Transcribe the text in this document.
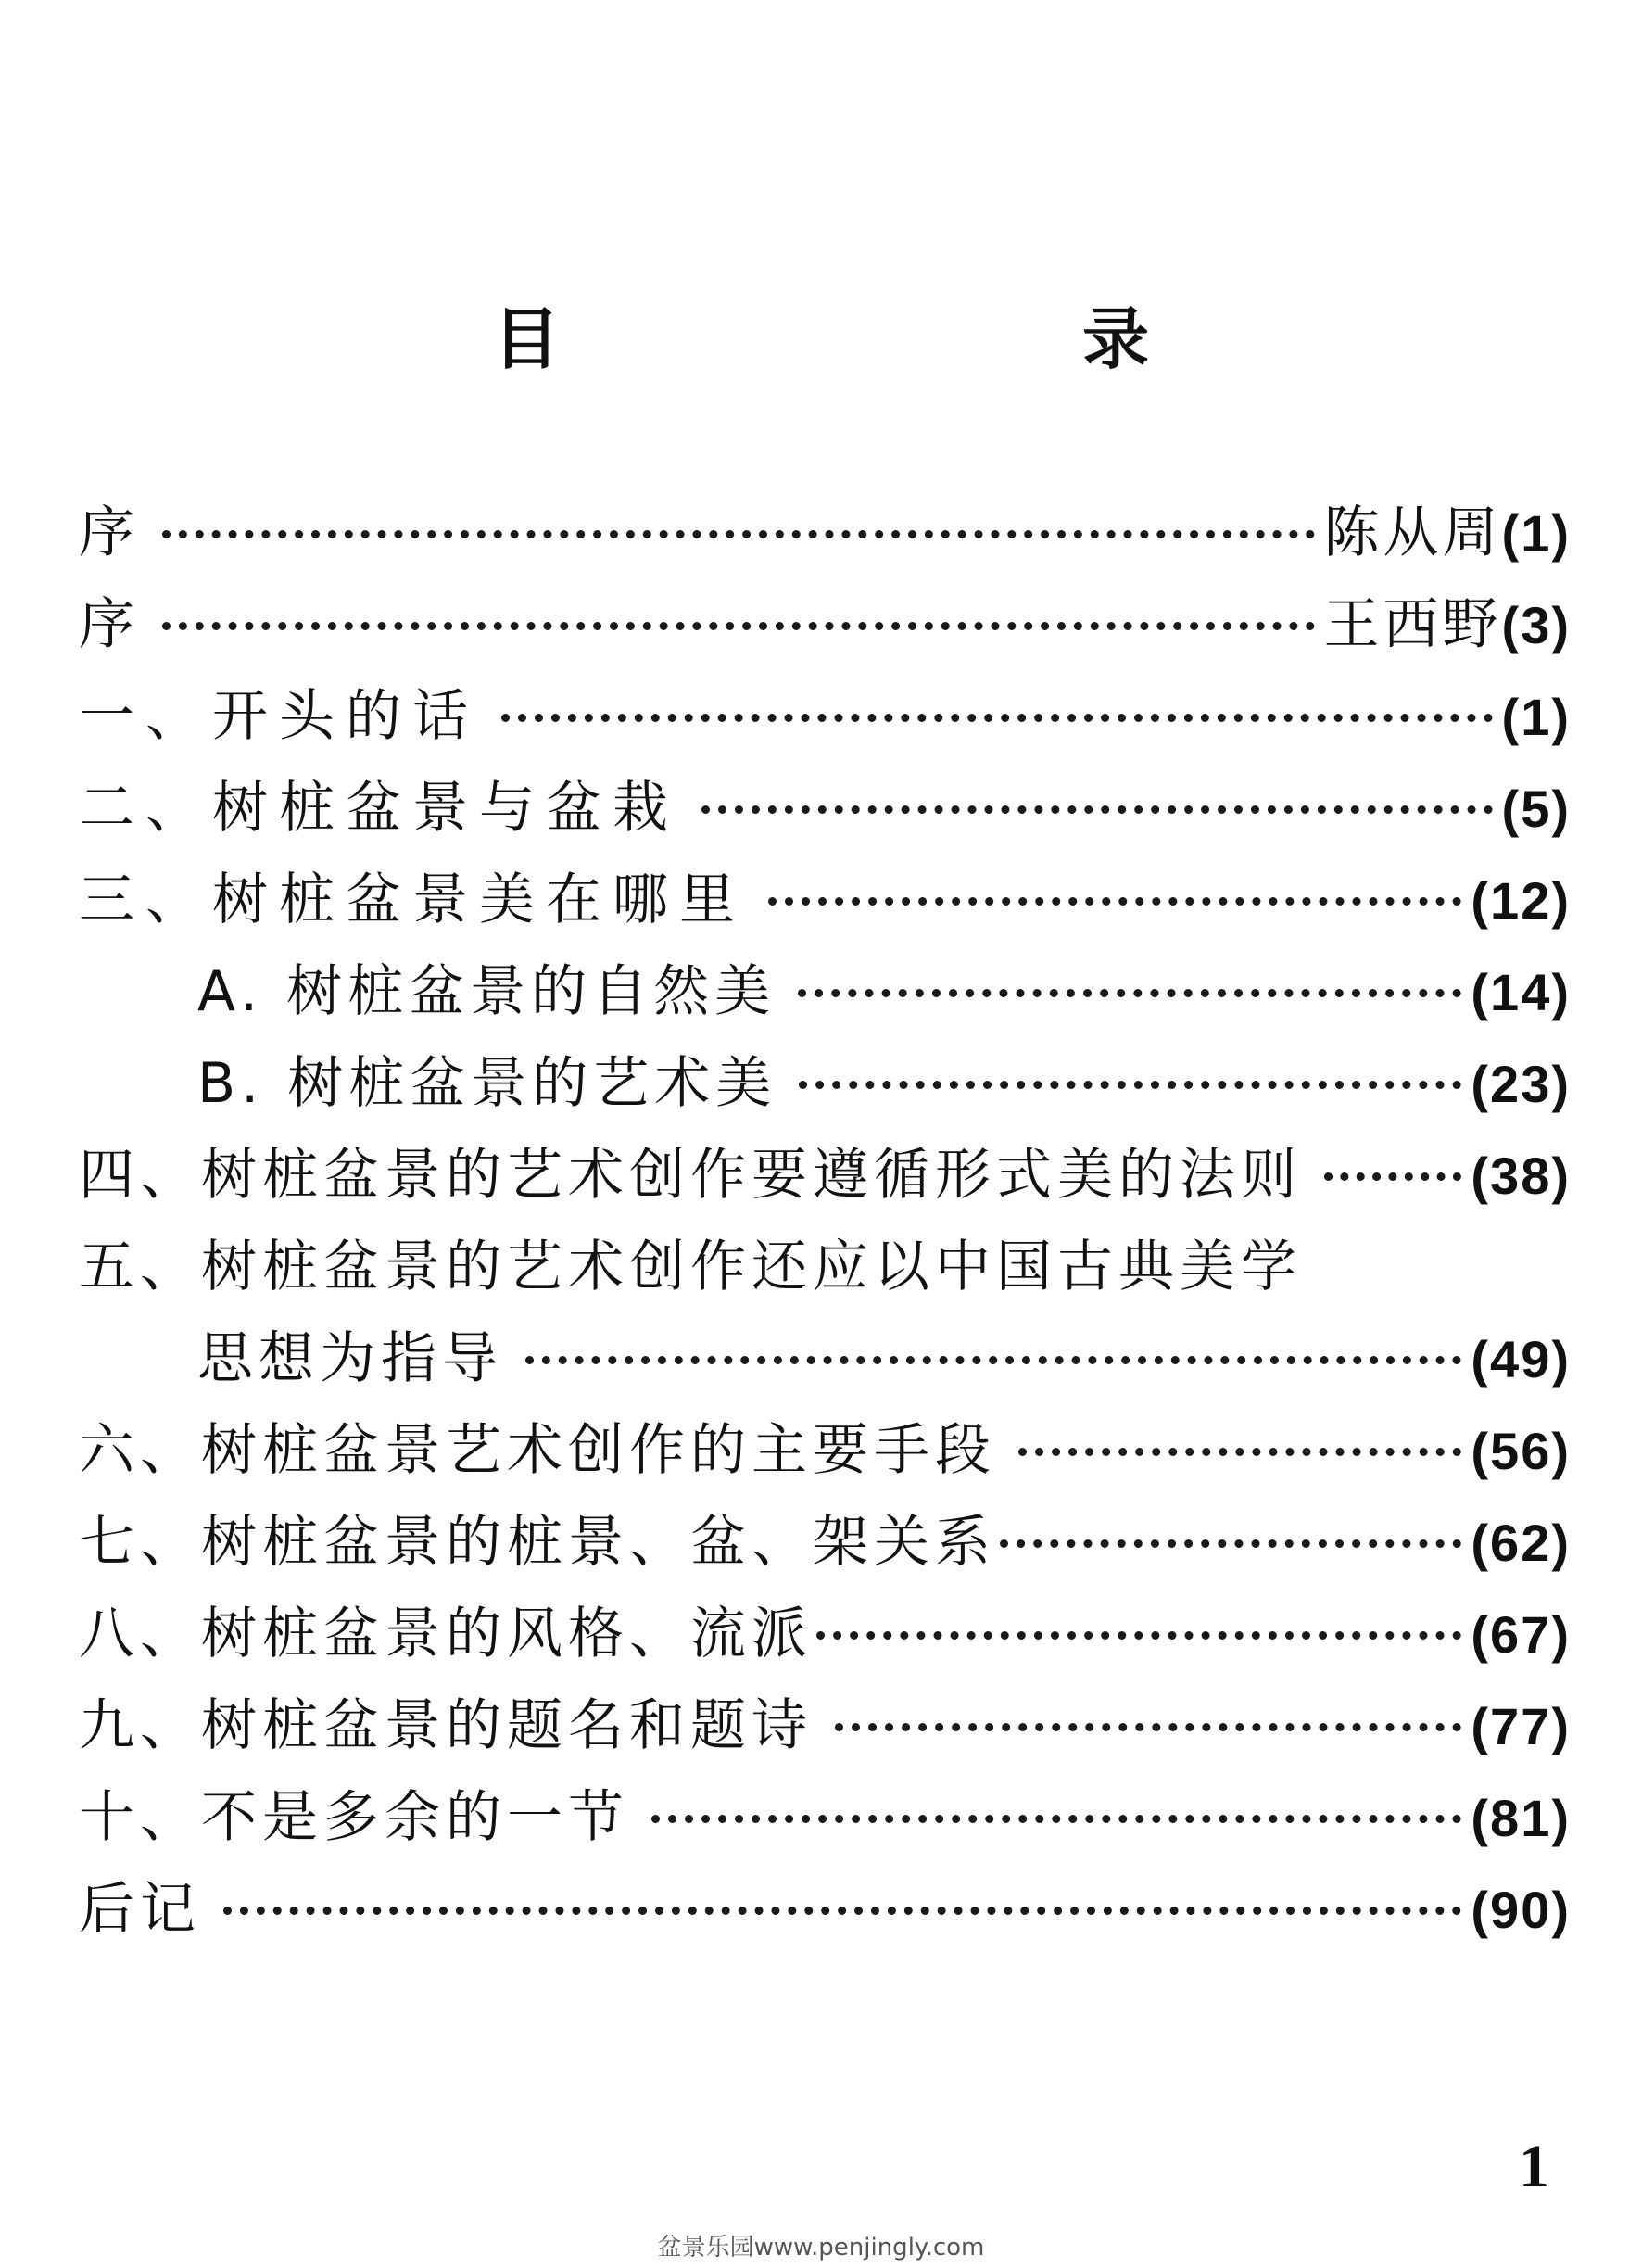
目　　录
序	陈从周 (1)
序	王西野 (3)
一、开头的话	(1)
二、树桩盆景与盆栽	(5)
三、树桩盆景美在哪里	(12)
A. 树桩盆景的自然美	(14)
B. 树桩盆景的艺术美	(23)
四、树桩盆景的艺术创作要遵循形式美的法则	(38)
五、树桩盆景的艺术创作还应以中国古典美学
思想为指导	(49)
六、树桩盆景艺术创作的主要手段	(56)
七、树桩盆景的桩景、盆、架关系	(62)
八、树桩盆景的风格、流派	(67)
九、树桩盆景的题名和题诗	(77)
十、不是多余的一节	(81)
后记	(90)
1
盆景乐园www.penjingly.com
